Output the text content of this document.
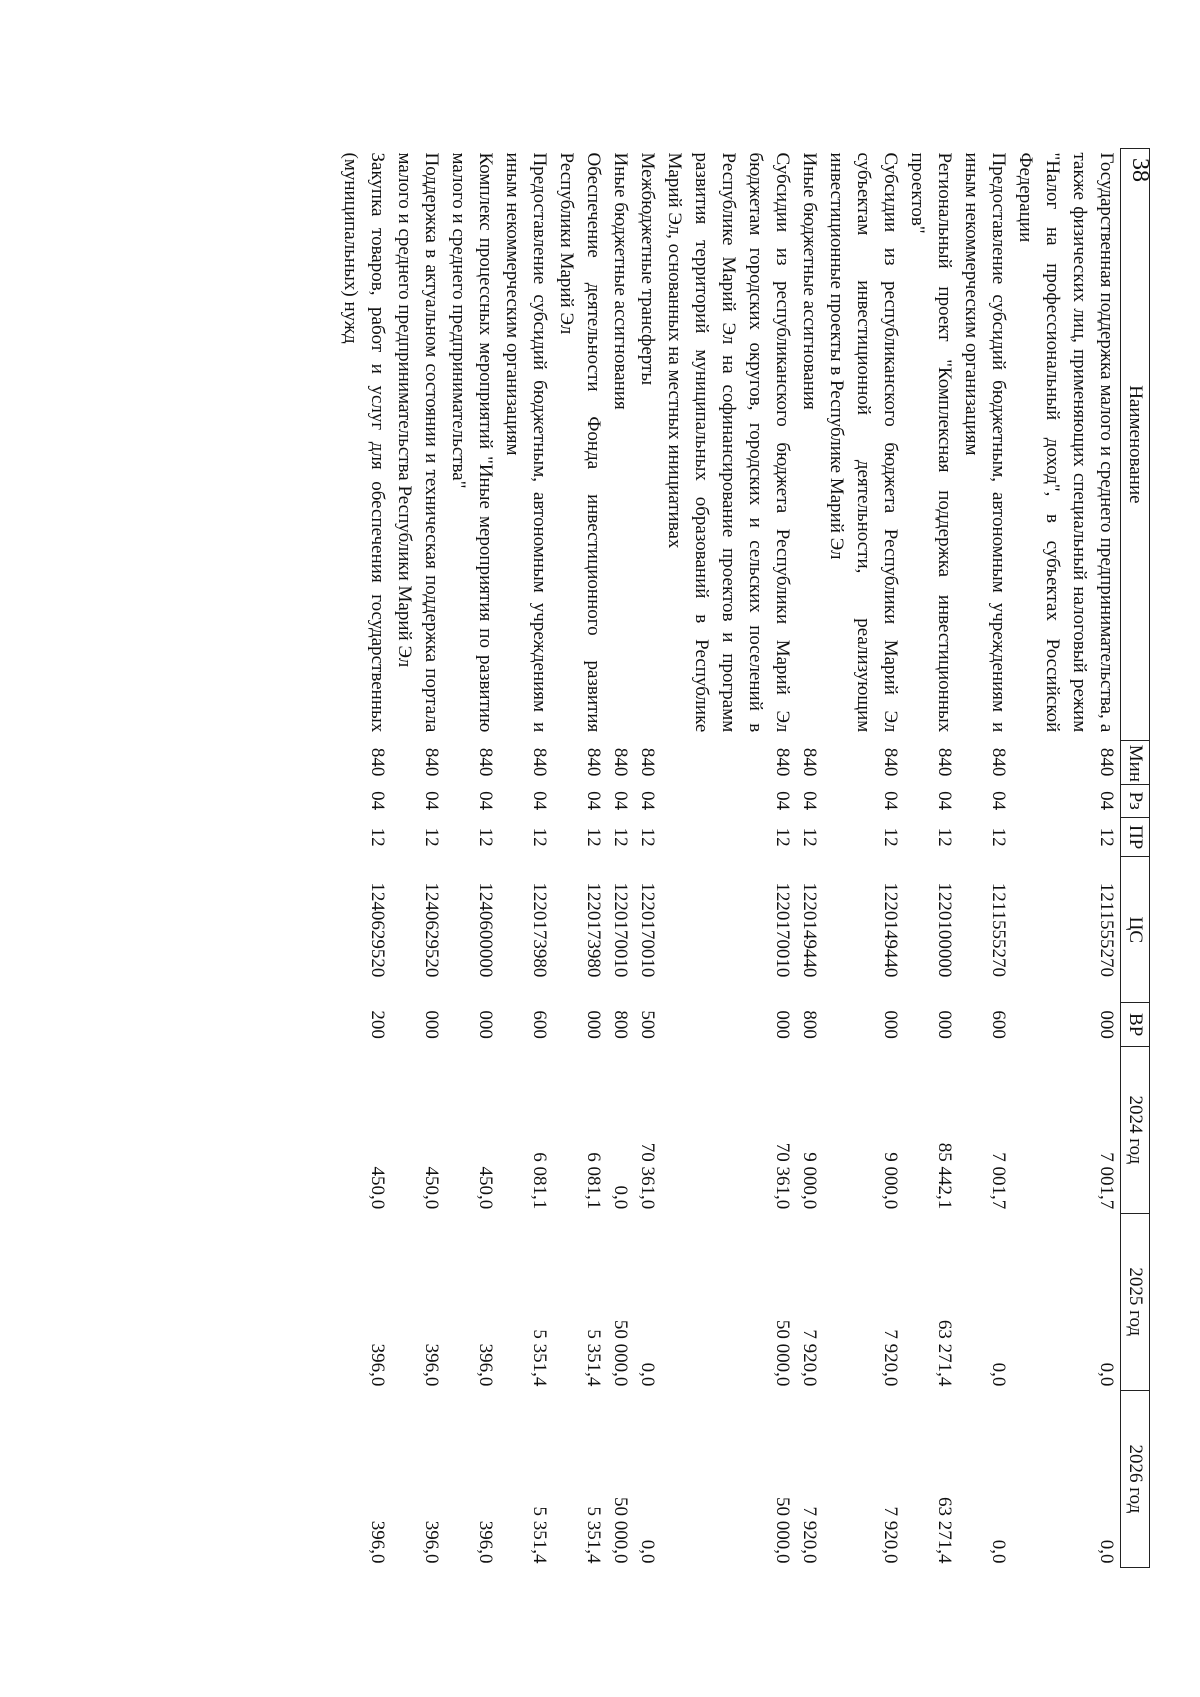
38
Наименование	Мин	Рз	ПР	ЦС	ВР	2024 год	2025 год	2026 год
Государственная поддержка малого и среднего предпринимательства, а также физических лиц, применяющих специальный налоговый режим "Налог на профессиональный доход", в субъектах Российской Федерации	840	04	12	1211555270	000	7 001,7	0,0	0,0
Предоставление субсидий бюджетным, автономным учреждениям и иным некоммерческим организациям	840	04	12	1211555270	600	7 001,7	0,0	0,0
Региональный проект "Комплексная поддержка инвестиционных проектов"	840	04	12	1220100000	000	85 442,1	63 271,4	63 271,4
Субсидии из республиканского бюджета Республики Марий Эл субъектам инвестиционной деятельности, реализующим инвестиционные проекты в Республике Марий Эл	840	04	12	1220149440	000	9 000,0	7 920,0	7 920,0
Иные бюджетные ассигнования	840	04	12	1220149440	800	9 000,0	7 920,0	7 920,0
Субсидии из республиканского бюджета Республики Марий Эл бюджетам городских округов, городских и сельских поселений в Республике Марий Эл на софинансирование проектов и программ развития территорий муниципальных образований в Республике Марий Эл, основанных на местных инициативах	840	04	12	1220170010	000	70 361,0	50 000,0	50 000,0
Межбюджетные трансферты	840	04	12	1220170010	500	70 361,0	0,0	0,0
Иные бюджетные ассигнования	840	04	12	1220170010	800	0,0	50 000,0	50 000,0
Обеспечение деятельности Фонда инвестиционного развития Республики Марий Эл	840	04	12	1220173980	000	6 081,1	5 351,4	5 351,4
Предоставление субсидий бюджетным, автономным учреждениям и иным некоммерческим организациям	840	04	12	1220173980	600	6 081,1	5 351,4	5 351,4
Комплекс процессных мероприятий "Иные мероприятия по развитию малого и среднего предпринимательства"	840	04	12	1240600000	000	450,0	396,0	396,0
Поддержка в актуальном состоянии и техническая поддержка портала малого и среднего предпринимательства Республики Марий Эл	840	04	12	1240629520	000	450,0	396,0	396,0
Закупка товаров, работ и услуг для обеспечения государственных (муниципальных) нужд	840	04	12	1240629520	200	450,0	396,0	396,0
